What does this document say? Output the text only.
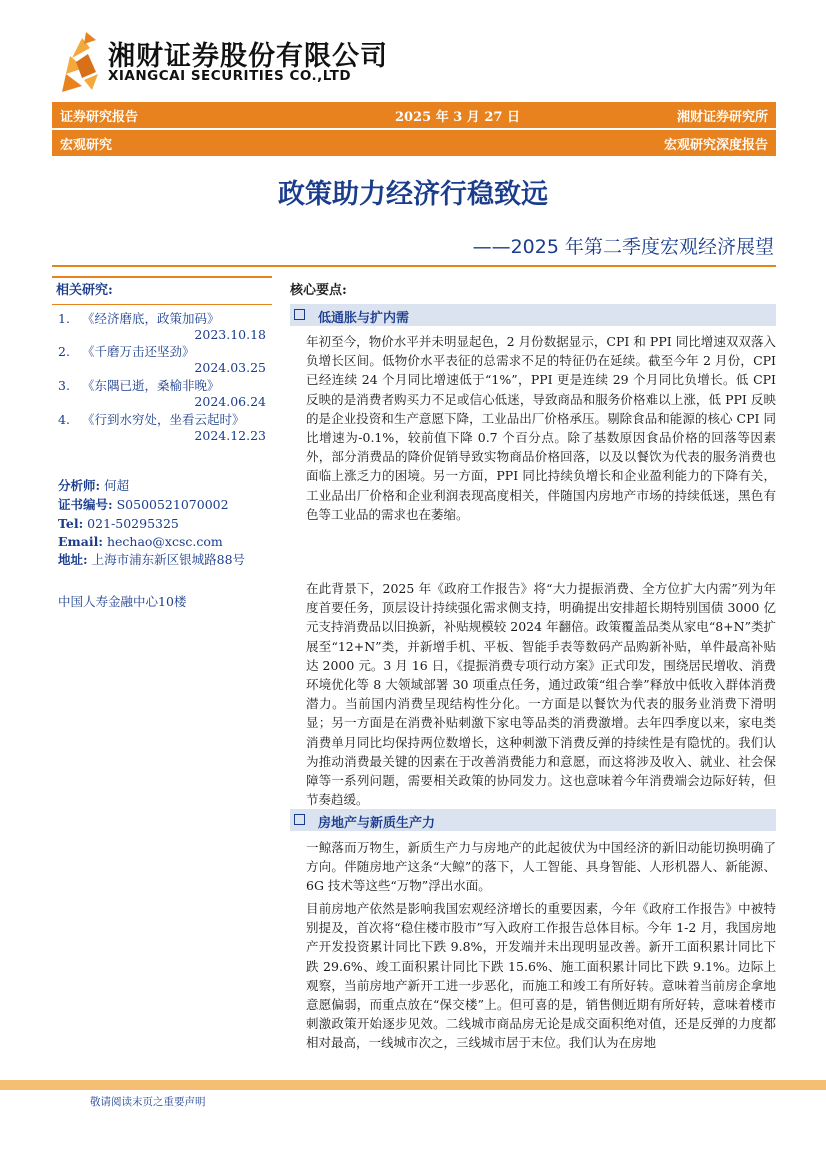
湘财证券股份有限公司
XIANGCAI SECURITIES CO.,LTD
证券研究报告	2025 年 3 月 27 日	湘财证券研究所
宏观研究	宏观研究深度报告
政策助力经济行稳致远
——2025 年第二季度宏观经济展望
相关研究:
1. 《经济磨底，政策加码》
2023.10.18
2. 《千磨万击还坚劲》
2024.03.25
3. 《东隅已逝，桑榆非晚》
2024.06.24
4. 《行到水穷处，坐看云起时》
2024.12.23
分析师: 何超
证书编号: S0500521070002
Tel: 021-50295325
Email: hechao@xcsc.com
地址: 上海市浦东新区银城路88号
中国人寿金融中心10楼
核心要点:
低通胀与扩内需
年初至今，物价水平并未明显起色，2 月份数据显示，CPI 和 PPI 同比增速双双落入负增长区间。低物价水平表征的总需求不足的特征仍在延续。截至今年 2 月份，CPI 已经连续 24 个月同比增速低于“1%”，PPI 更是连续 29 个月同比负增长。低 CPI 反映的是消费者购买力不足或信心低迷，导致商品和服务价格难以上涨，低 PPI 反映的是企业投资和生产意愿下降，工业品出厂价格承压。剔除食品和能源的核心 CPI 同比增速为-0.1%，较前值下降 0.7 个百分点。除了基数原因食品价格的回落等因素外，部分消费品的降价促销导致实物商品价格回落，以及以餐饮为代表的服务消费也面临上涨乏力的困境。另一方面，PPI 同比持续负增长和企业盈利能力的下降有关，工业品出厂价格和企业利润表现高度相关，伴随国内房地产市场的持续低迷，黑色有色等工业品的需求也在萎缩。
在此背景下，2025 年《政府工作报告》将“大力提振消费、全方位扩大内需”列为年度首要任务，顶层设计持续强化需求侧支持，明确提出安排超长期特别国债 3000 亿元支持消费品以旧换新，补贴规模较 2024 年翻倍。政策覆盖品类从家电“8+N”类扩展至“12+N”类，并新增手机、平板、智能手表等数码产品购新补贴，单件最高补贴达 2000 元。3 月 16 日，《提振消费专项行动方案》正式印发，围绕居民增收、消费环境优化等 8 大领域部署 30 项重点任务，通过政策“组合拳”释放中低收入群体消费潜力。当前国内消费呈现结构性分化。一方面是以餐饮为代表的服务业消费下滑明显；另一方面是在消费补贴刺激下家电等品类的消费激增。去年四季度以来，家电类消费单月同比均保持两位数增长，这种刺激下消费反弹的持续性是有隐忧的。我们认为推动消费最关键的因素在于改善消费能力和意愿，而这将涉及收入、就业、社会保障等一系列问题，需要相关政策的协同发力。这也意味着今年消费端会边际好转，但节奏趋缓。
房地产与新质生产力
一鲸落而万物生，新质生产力与房地产的此起彼伏为中国经济的新旧动能切换明确了方向。伴随房地产这条“大鲸”的落下，人工智能、具身智能、人形机器人、新能源、6G 技术等这些“万物”浮出水面。
目前房地产依然是影响我国宏观经济增长的重要因素，今年《政府工作报告》中被特别提及，首次将“稳住楼市股市”写入政府工作报告总体目标。今年 1-2 月，我国房地产开发投资累计同比下跌 9.8%，开发端并未出现明显改善。新开工面积累计同比下跌 29.6%、竣工面积累计同比下跌 15.6%、施工面积累计同比下跌 9.1%。边际上观察，当前房地产新开工进一步恶化，而施工和竣工有所好转。意味着当前房企拿地意愿偏弱，而重点放在“保交楼”上。但可喜的是，销售侧近期有所好转，意味着楼市刺激政策开始逐步见效。二线城市商品房无论是成交面积绝对值，还是反弹的力度都相对最高，一线城市次之，三线城市居于末位。我们认为在房地
敬请阅读末页之重要声明
